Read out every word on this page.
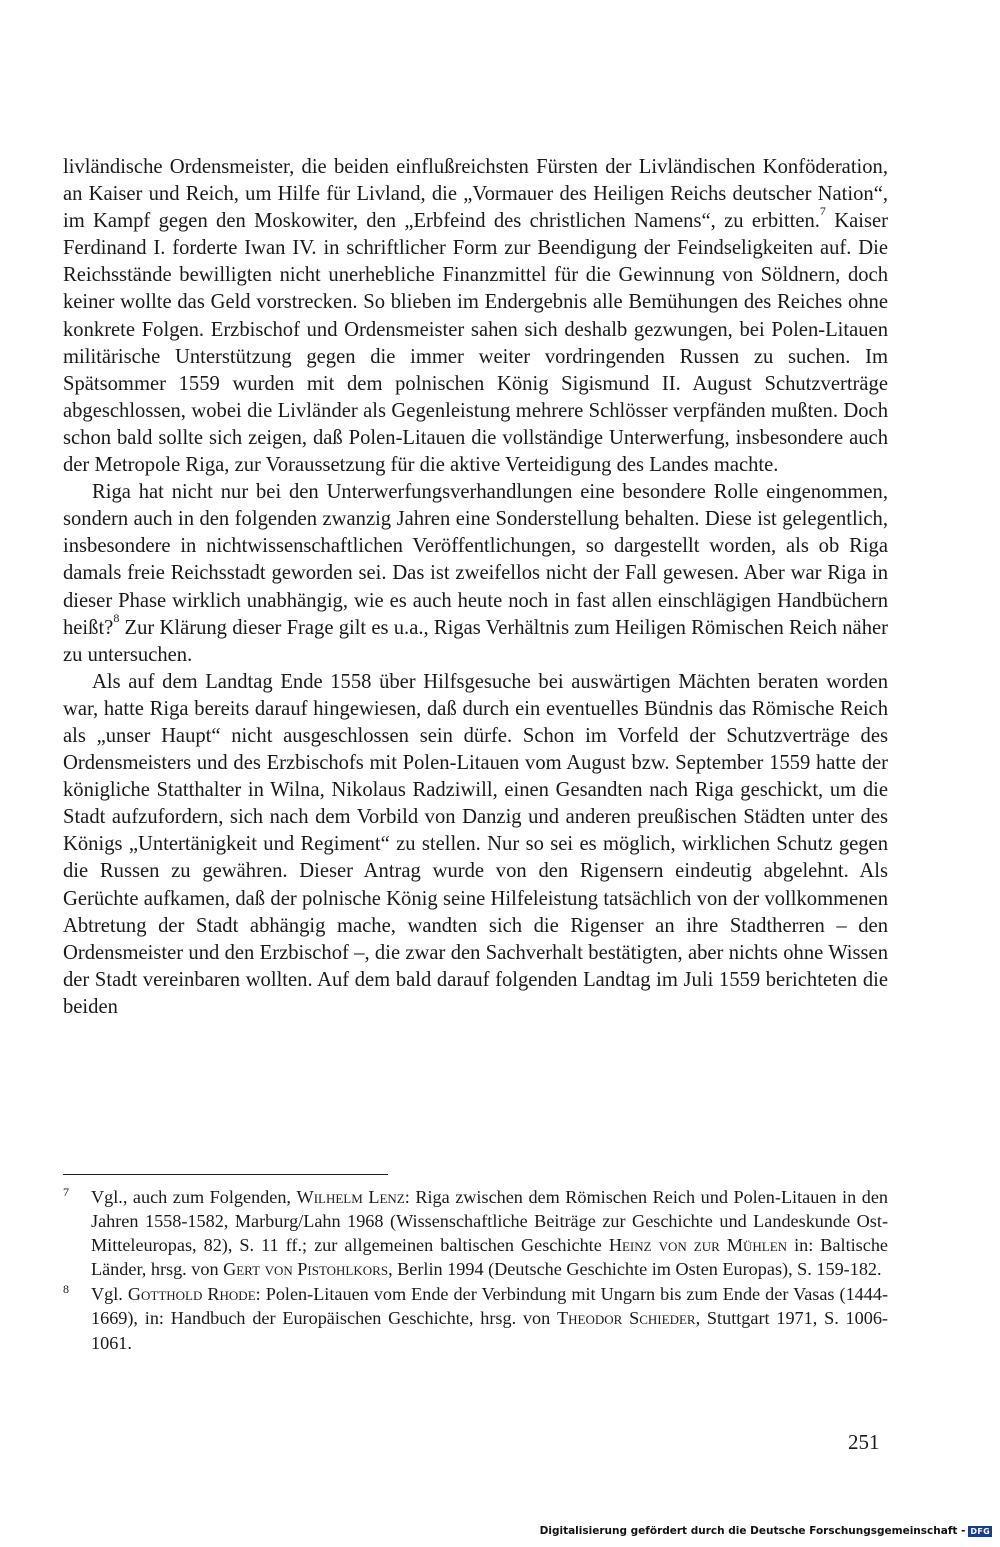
livländische Ordensmeister, die beiden einflußreichsten Fürsten der Livländischen Konföderation, an Kaiser und Reich, um Hilfe für Livland, die „Vormauer des Heiligen Reichs deutscher Nation“, im Kampf gegen den Moskowiter, den „Erbfeind des christlichen Namens“, zu erbitten.$^7$ Kaiser Ferdinand I. forderte Iwan IV. in schriftlicher Form zur Beendigung der Feindseligkeiten auf. Die Reichsstände bewilligten nicht unerhebliche Finanzmittel für die Gewinnung von Söldnern, doch keiner wollte das Geld vorstrecken. So blieben im Endergebnis alle Bemühungen des Reiches ohne konkrete Folgen. Erzbischof und Ordensmeister sahen sich deshalb gezwungen, bei Polen-Litauen militärische Unterstützung gegen die immer weiter vordringenden Russen zu suchen. Im Spätsommer 1559 wurden mit dem polnischen König Sigismund II. August Schutzverträge abgeschlossen, wobei die Livländer als Gegenleistung mehrere Schlösser verpfänden mußten. Doch schon bald sollte sich zeigen, daß Polen-Litauen die vollständige Unterwerfung, insbesondere auch der Metropole Riga, zur Voraussetzung für die aktive Verteidigung des Landes machte.

Riga hat nicht nur bei den Unterwerfungsverhandlungen eine besondere Rolle eingenommen, sondern auch in den folgenden zwanzig Jahren eine Sonderstellung behalten. Diese ist gelegentlich, insbesondere in nichtwissenschaftlichen Veröffentlichungen, so dargestellt worden, als ob Riga damals freie Reichsstadt geworden sei. Das ist zweifellos nicht der Fall gewesen. Aber war Riga in dieser Phase wirklich unabhängig, wie es auch heute noch in fast allen einschlägigen Handbüchern heißt?$^8$ Zur Klärung dieser Frage gilt es u.a., Rigas Verhältnis zum Heiligen Römischen Reich näher zu untersuchen.

Als auf dem Landtag Ende 1558 über Hilfsgesuche bei auswärtigen Mächten beraten worden war, hatte Riga bereits darauf hingewiesen, daß durch ein eventuelles Bündnis das Römische Reich als „unser Haupt“ nicht ausgeschlossen sein dürfe. Schon im Vorfeld der Schutzverträge des Ordensmeisters und des Erzbischofs mit Polen-Litauen vom August bzw. September 1559 hatte der königliche Statthalter in Wilna, Nikolaus Radziwill, einen Gesandten nach Riga geschickt, um die Stadt aufzufordern, sich nach dem Vorbild von Danzig und anderen preußischen Städten unter des Königs „Untertänigkeit und Regiment“ zu stellen. Nur so sei es möglich, wirklichen Schutz gegen die Russen zu gewähren. Dieser Antrag wurde von den Rigensern eindeutig abgelehnt. Als Gerüchte aufkamen, daß der polnische König seine Hilfeleistung tatsächlich von der vollkommenen Abtretung der Stadt abhängig mache, wandten sich die Rigenser an ihre Stadtherren – den Ordensmeister und den Erzbischof –, die zwar den Sachverhalt bestätigten, aber nichts ohne Wissen der Stadt vereinbaren wollten. Auf dem bald darauf folgenden Landtag im Juli 1559 berichteten die beiden

7	Vgl., auch zum Folgenden, Wilhelm Lenz: Riga zwischen dem Römischen Reich und Polen-Litauen in den Jahren 1558-1582, Marburg/Lahn 1968 (Wissenschaftliche Beiträge zur Geschichte und Landeskunde Ost-Mitteleuropas, 82), S. 11 ff.; zur allgemeinen baltischen Geschichte Heinz von zur Mühlen in: Baltische Länder, hrsg. von Gert von Pistohlkors, Berlin 1994 (Deutsche Geschichte im Osten Europas), S. 159-182.
8	Vgl. Gotthold Rhode: Polen-Litauen vom Ende der Verbindung mit Ungarn bis zum Ende der Vasas (1444-1669), in: Handbuch der Europäischen Geschichte, hrsg. von Theodor Schieder, Stuttgart 1971, S. 1006-1061.
251
Digitalisierung gefördert durch die Deutsche Forschungsgemeinschaft - DFG
